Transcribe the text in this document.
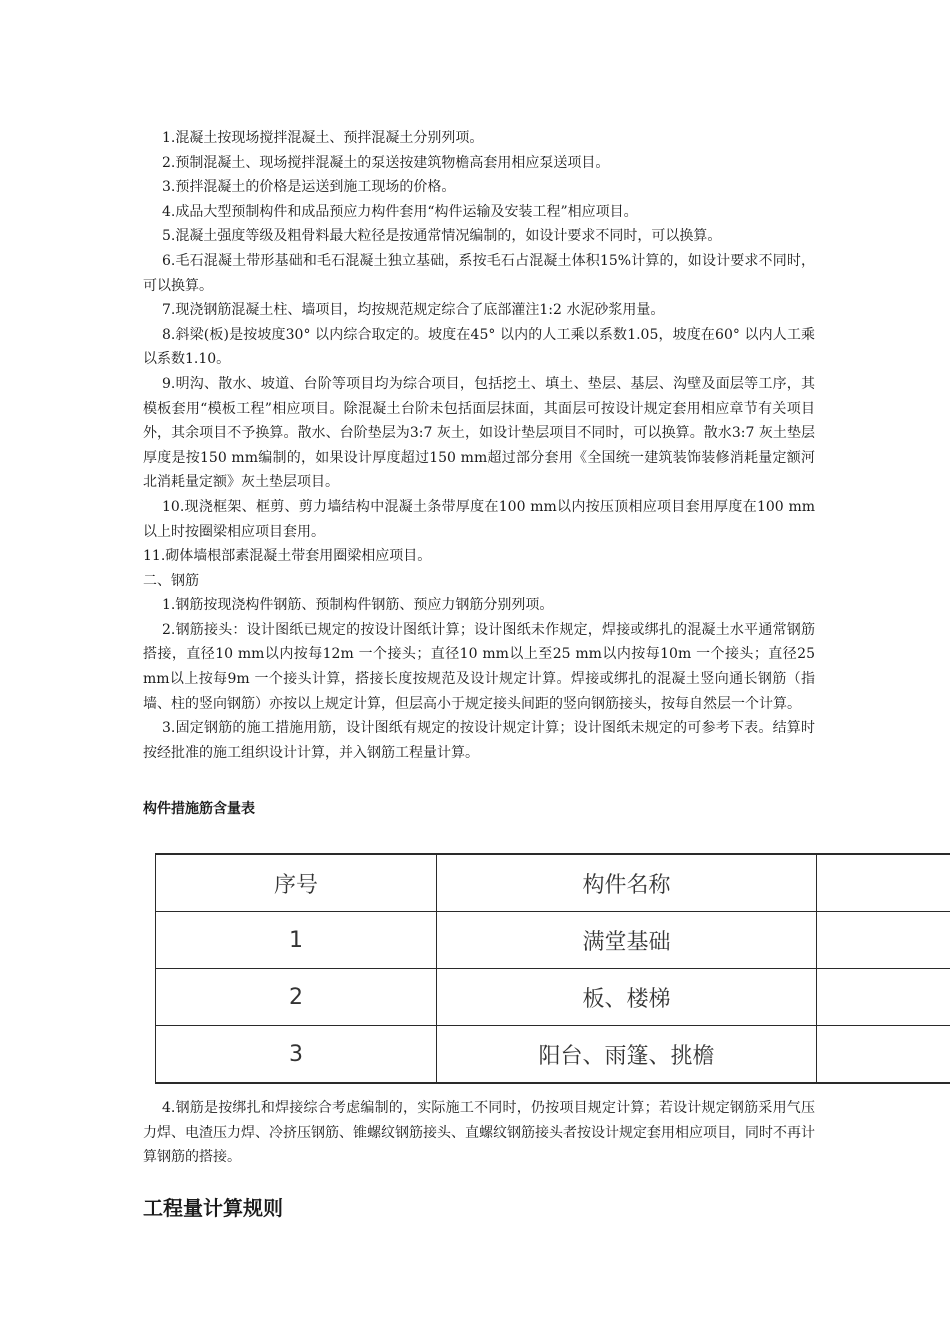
1.混凝土按现场搅拌混凝土、预拌混凝土分别列项。

2.预制混凝土、现场搅拌混凝土的泵送按建筑物檐高套用相应泵送项目。

3.预拌混凝土的价格是运送到施工现场的价格。

4.成品大型预制构件和成品预应力构件套用“构件运输及安装工程”相应项目。

5.混凝土强度等级及粗骨料最大粒径是按通常情况编制的，如设计要求不同时，可以换算。

6.毛石混凝土带形基础和毛石混凝土独立基础，系按毛石占混凝土体积15%计算的，如设计要求不同时，可以换算。

7.现浇钢筋混凝土柱、墙项目，均按规范规定综合了底部灌注1:2 水泥砂浆用量。

8.斜梁(板)是按坡度30° 以内综合取定的。坡度在45° 以内的人工乘以系数1.05，坡度在60° 以内人工乘以系数1.10。

9.明沟、散水、坡道、台阶等项目均为综合项目，包括挖土、填土、垫层、基层、沟壁及面层等工序，其模板套用“模板工程”相应项目。除混凝土台阶未包括面层抹面，其面层可按设计规定套用相应章节有关项目外，其余项目不予换算。散水、台阶垫层为3:7 灰土，如设计垫层项目不同时，可以换算。散水3:7 灰土垫层厚度是按150 mm编制的，如果设计厚度超过150 mm超过部分套用《全国统一建筑装饰装修消耗量定额河北消耗量定额》灰土垫层项目。

10.现浇框架、框剪、剪力墙结构中混凝土条带厚度在100 mm以内按压顶相应项目套用厚度在100 mm以上时按圈梁相应项目套用。

11.砌体墙根部素混凝土带套用圈梁相应项目。

二、钢筋

1.钢筋按现浇构件钢筋、预制构件钢筋、预应力钢筋分别列项。

2.钢筋接头：设计图纸已规定的按设计图纸计算；设计图纸未作规定，焊接或绑扎的混凝土水平通常钢筋搭接，直径10 mm以内按每12m 一个接头；直径10 mm以上至25 mm以内按每10m 一个接头；直径25 mm以上按每9m 一个接头计算，搭接长度按规范及设计规定计算。焊接或绑扎的混凝土竖向通长钢筋（指墙、柱的竖向钢筋）亦按以上规定计算，但层高小于规定接头间距的竖向钢筋接头，按每自然层一个计算。

3.固定钢筋的施工措施用筋，设计图纸有规定的按设计规定计算；设计图纸未规定的可参考下表。结算时按经批准的施工组织设计计算，并入钢筋工程量计算。

构件措施筋含量表
序号	构件名称	
1	满堂基础	
2	板、楼梯	
3	阳台、雨篷、挑檐	

4.钢筋是按绑扎和焊接综合考虑编制的，实际施工不同时，仍按项目规定计算；若设计规定钢筋采用气压力焊、电渣压力焊、冷挤压钢筋、锥螺纹钢筋接头、直螺纹钢筋接头者按设计规定套用相应项目，同时不再计算钢筋的搭接。

工程量计算规则
